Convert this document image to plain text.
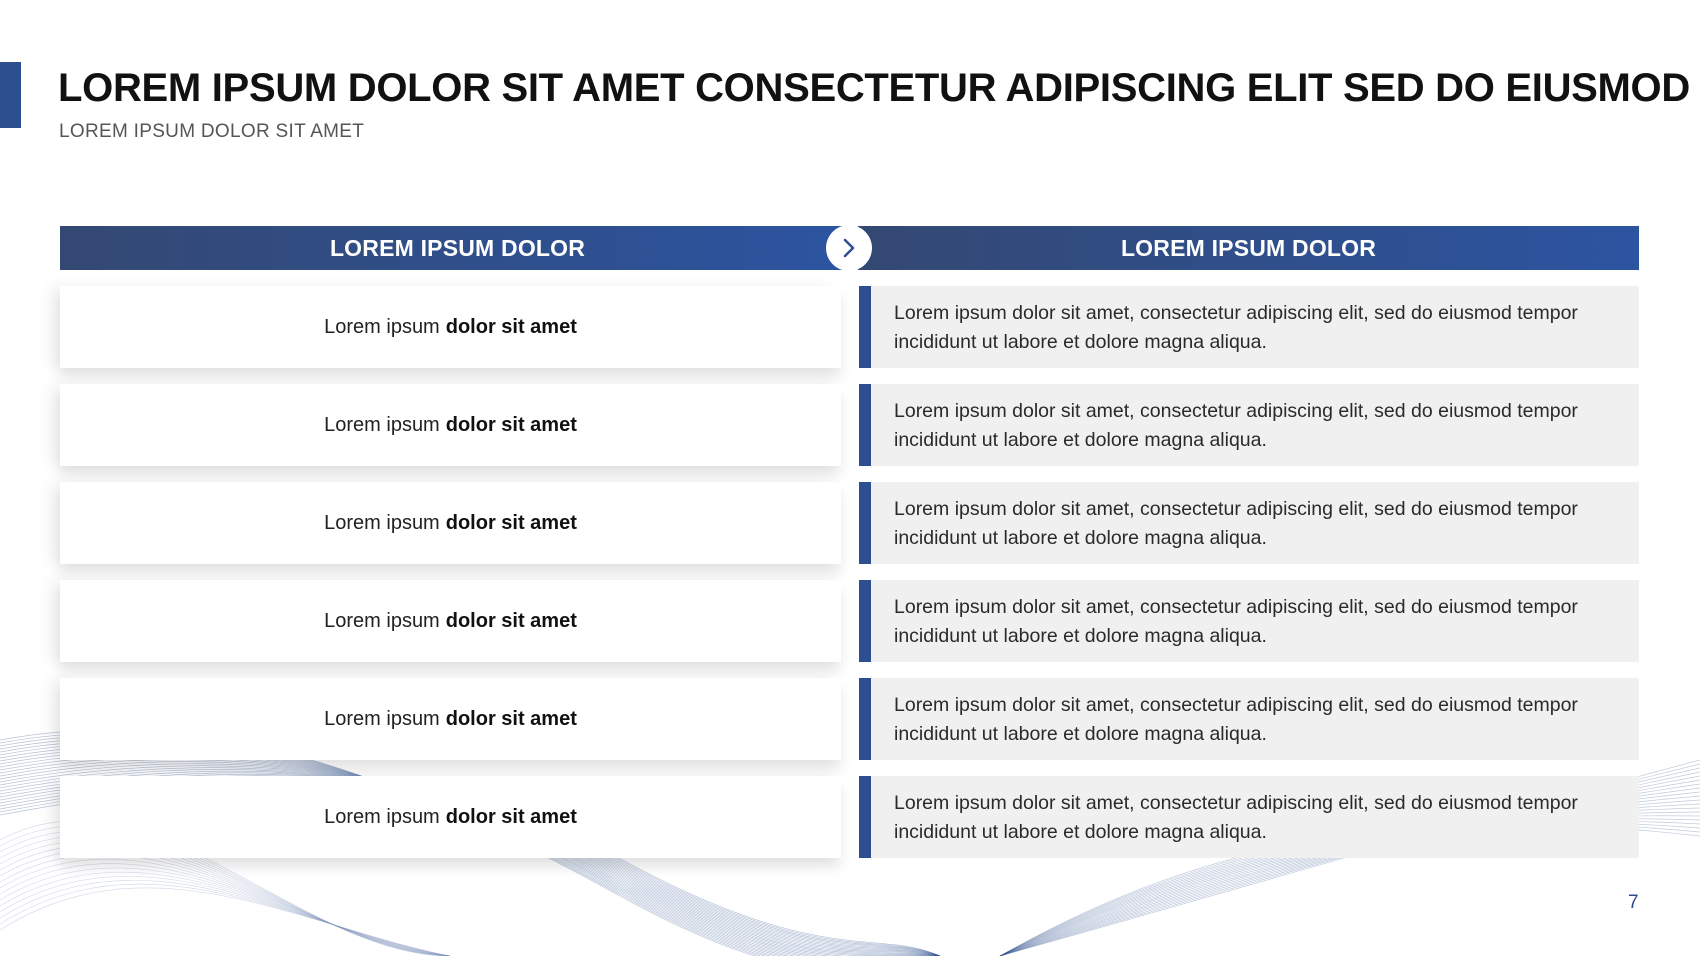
LOREM IPSUM DOLOR SIT AMET CONSECTETUR ADIPISCING ELIT SED DO EIUSMOD
LOREM IPSUM DOLOR SIT AMET
LOREM IPSUM DOLOR	LOREM IPSUM DOLOR
Lorem ipsum dolor sit amet
Lorem ipsum dolor sit amet
Lorem ipsum dolor sit amet
Lorem ipsum dolor sit amet
Lorem ipsum dolor sit amet
Lorem ipsum dolor sit amet
Lorem ipsum dolor sit amet, consectetur adipiscing elit, sed do eiusmod tempor incididunt ut labore et dolore magna aliqua.
Lorem ipsum dolor sit amet, consectetur adipiscing elit, sed do eiusmod tempor incididunt ut labore et dolore magna aliqua.
Lorem ipsum dolor sit amet, consectetur adipiscing elit, sed do eiusmod tempor incididunt ut labore et dolore magna aliqua.
Lorem ipsum dolor sit amet, consectetur adipiscing elit, sed do eiusmod tempor incididunt ut labore et dolore magna aliqua.
Lorem ipsum dolor sit amet, consectetur adipiscing elit, sed do eiusmod tempor incididunt ut labore et dolore magna aliqua.
Lorem ipsum dolor sit amet, consectetur adipiscing elit, sed do eiusmod tempor incididunt ut labore et dolore magna aliqua.
7
